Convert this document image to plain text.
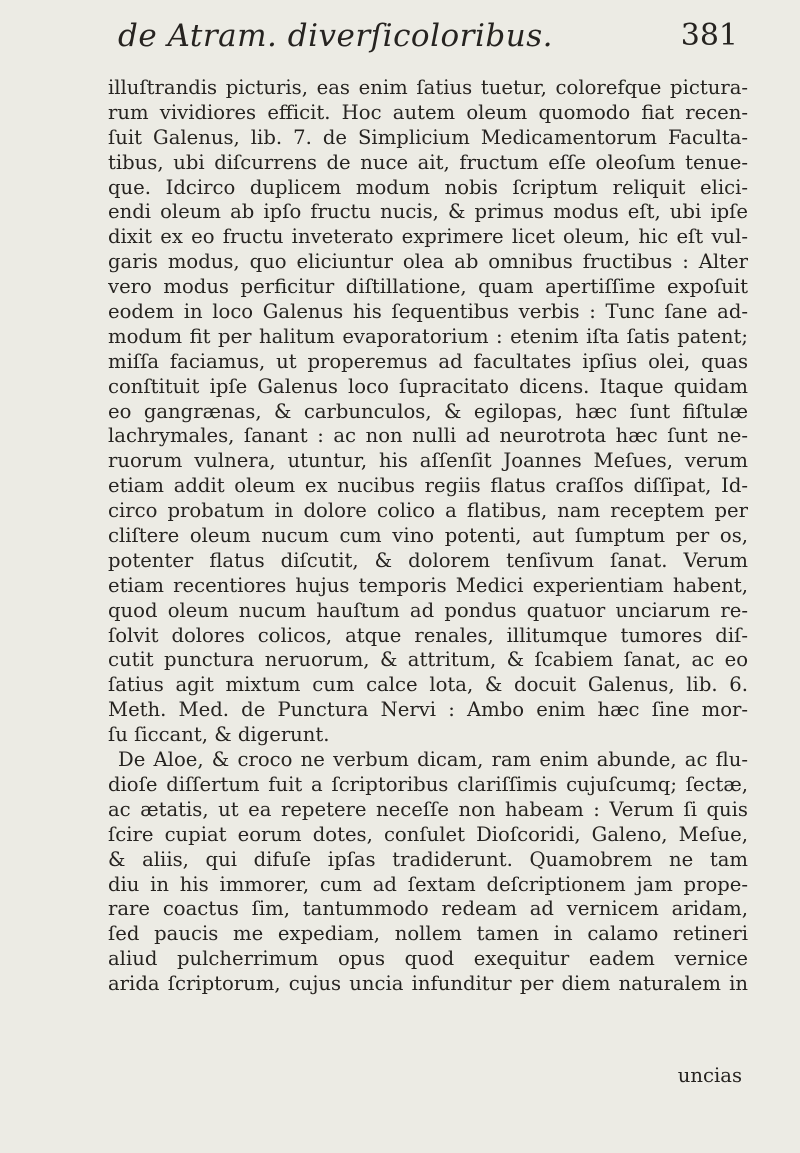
de Atram. diverſicoloribus.	381
illuſtrandis picturis, eas enim ſatius tuetur, colorefque pictura-
rum vividiores efficit. Hoc autem oleum quomodo fiat recen-
ſuit Galenus, lib. 7. de Simplicium Medicamentorum Faculta-
tibus, ubi diſcurrens de nuce ait, fructum eſſe oleoſum tenue-
que. Idcirco duplicem modum nobis ſcriptum reliquit elici-
endi oleum ab ipſo fructu nucis, & primus modus eſt, ubi ipſe
dixit ex eo fructu inveterato exprimere licet oleum, hic eſt vul-
garis modus, quo eliciuntur olea ab omnibus fructibus : Alter
vero modus perficitur diſtillatione, quam apertiſſime expoſuit
eodem in loco Galenus his ſequentibus verbis : Tunc ſane ad-
modum fit per halitum evaporatorium : etenim iſta ſatis patent;
miſſa faciamus, ut properemus ad facultates ipſius olei, quas
conſtituit ipſe Galenus loco ſupracitato dicens. Itaque quidam
eo gangrænas, & carbunculos, & egilopas, hæc ſunt fiſtulæ
lachrymales, ſanant : ac non nulli ad neurotrota hæc ſunt ne-
ruorum vulnera, utuntur, his aſſenſit Joannes Meſues, verum
etiam addit oleum ex nucibus regiis flatus craſſos diſſipat, Id-
circo probatum in dolore colico a flatibus, nam receptem per
cliſtere oleum nucum cum vino potenti, aut ſumptum per os,
potenter flatus diſcutit, & dolorem tenſivum ſanat. Verum
etiam recentiores hujus temporis Medici experientiam habent,
quod oleum nucum hauſtum ad pondus quatuor unciarum re-
ſolvit dolores colicos, atque renales, illitumque tumores diſ-
cutit punctura neruorum, & attritum, & ſcabiem ſanat, ac eo
ſatius agit mixtum cum calce lota, & docuit Galenus, lib. 6.
Meth. Med. de Punctura Nervi : Ambo enim hæc ſine mor-
ſu ſiccant, & digerunt.
De Aloe, & croco ne verbum dicam, ram enim abunde, ac flu-
dioſe diſſertum fuit a ſcriptoribus clariſſimis cujuſcumq; ſectæ,
ac ætatis, ut ea repetere neceſſe non habeam : Verum ſi quis
ſcire cupiat eorum dotes, conſulet Dioſcoridi, Galeno, Meſue,
& aliis, qui difuſe ipſas tradiderunt. Quamobrem ne tam
diu in his immorer, cum ad ſextam deſcriptionem jam prope-
rare coactus ſim, tantummodo redeam ad vernicem aridam,
ſed paucis me expediam, nollem tamen in calamo retineri
aliud pulcherrimum opus quod exequitur eadem vernice
arida ſcriptorum, cujus uncia infunditur per diem naturalem in
uncias
